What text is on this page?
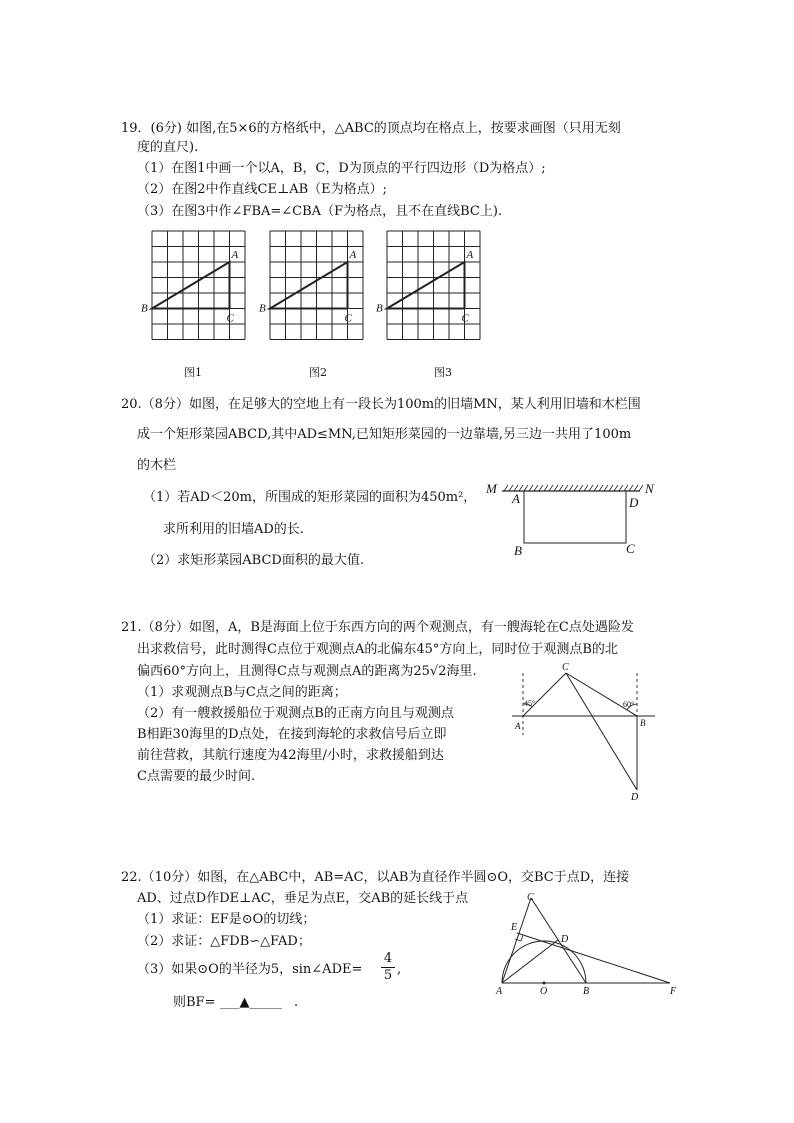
19．(6分) 如图,在5×6的方格纸中，△ABC的顶点均在格点上，按要求画图（只用无刻
度的直尺).
（1）在图1中画一个以A，B，C，D为顶点的平行四边形（D为格点）;
（2）在图2中作直线CE⊥AB（E为格点）;
（3）在图3中作∠FBA=∠CBA（F为格点，且不在直线BC上).
A
B
C
A
B
C
A
B
C
图1	图2	图3
20.（8分）如图，在足够大的空地上有一段长为100m的旧墙MN，某人利用旧墙和木栏围
成一个矩形菜园ABCD,其中AD≤MN,已知矩形菜园的一边靠墙,另三边一共用了100m
的木栏
（1）若AD＜20m，所围成的矩形菜园的面积为450m²，
求所利用的旧墙AD的长.
（2）求矩形菜园ABCD面积的最大值.
M	N
A	D
B	C
21.（8分）如图，A，B是海面上位于东西方向的两个观测点，有一艘海轮在C点处遇险发
出求救信号，此时测得C点位于观测点A的北偏东45°方向上，同时位于观测点B的北
偏西60°方向上，且测得C点与观测点A的距离为25√2海里.
（1）求观测点B与C点之间的距离；
（2）有一艘救援船位于观测点B的正南方向且与观测点
B相距30海里的D点处，在接到海轮的求救信号后立即
前往营救，其航行速度为42海里/小时，求救援船到达
C点需要的最少时间.
C
A	B
D
45°	60°
22.（10分）如图，在△ABC中，AB=AC，以AB为直径作半圆⊙O，交BC于点D，连接
AD、过点D作DE⊥AC，垂足为点E，交AB的延长线于点
（1）求证：EF是⊙O的切线；
（2）求证：△FDB∽△FAD；
（3）如果⊙O的半径为5，sin∠ADE= $\frac{4}{5}$ ,
则BF= ___▲_____ .
C
E
D
A	O	B	F
